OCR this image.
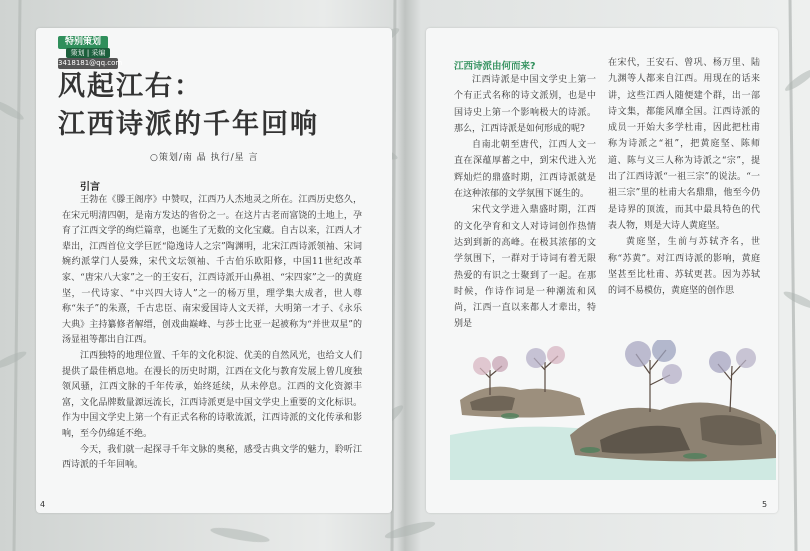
特别策划
策划 | 采编
3418181@qq.com
风起江右：
江西诗派的千年回响
○策划/南 晶 执行/星 言
引言

王勃在《滕王阁序》中赞叹，江西乃人杰地灵之所在。江西历史悠久，在宋元明清四朝，是南方发达的省份之一。在这片古老而富饶的土地上，孕育了江西文学的绚烂篇章，也诞生了无数的文化宝藏。自古以来，江西人才辈出，江西首位文学巨匠“隐逸诗人之宗”陶渊明，北宋江西诗派领袖、宋词婉约派掌门人晏殊，宋代文坛领袖、千古伯乐欧阳修，中国11世纪改革家、“唐宋八大家”之一的王安石，江西诗派开山鼻祖、“宋四家”之一的黄庭坚，一代诗家、“中兴四大诗人”之一的杨万里，理学集大成者，世人尊称“朱子”的朱熹，千古忠臣、南宋爱国诗人文天祥，大明第一才子、《永乐大典》主持纂修者解缙，创戏曲巅峰、与莎士比亚一起被称为“并世双星”的汤显祖等都出自江西。

江西独特的地理位置、千年的文化积淀、优美的自然风光，也给文人们提供了最佳栖息地。在漫长的历史时期，江西在文化与教育发展上曾几度独领风骚，江西文脉的千年传承，始终延续，从未停息。江西的文化资源丰富，文化品牌数量源远流长，江西诗派更是中国文学史上重要的文化标识。作为中国文学史上第一个有正式名称的诗歌流派，江西诗派的文化传承和影响，至今仍绵延不绝。

今天，我们就一起探寻千年文脉的奥秘，感受古典文学的魅力，聆听江西诗派的千年回响。

4
江西诗派由何而来?

江西诗派是中国文学史上第一个有正式名称的诗文派别，也是中国诗史上第一个影响极大的诗派。那么，江西诗派是如何形成的呢?

自南北朝至唐代，江西人文一直在深蕴厚蓄之中，到宋代进入光辉灿烂的鼎盛时期，江西诗派就是在这种浓郁的文学氛围下诞生的。

宋代文学进入鼎盛时期，江西的文化孕育和文人对诗词创作热情达到到新的高峰。在极其浓郁的文学氛围下，一群对于诗词有着无限热爱的有识之士聚到了一起。在那时候，作诗作词是一种潮流和风尚，江西一直以来都人才辈出，特别是

在宋代，王安石、曾巩、杨万里、陆九渊等人都来自江西。用现在的话来讲，这些江西人随便建个群，出一部诗文集，都能风靡全国。江西诗派的成员一开始大多学杜甫，因此把杜甫称为诗派之“祖”，把黄庭坚、陈师道、陈与义三人称为诗派之“宗”，提出了江西诗派“一祖三宗”的说法。“一祖三宗”里的杜甫大名鼎鼎，他至今仍是诗界的顶流，而其中最具特色的代表人物，则是大诗人黄庭坚。

黄庭坚，生前与苏轼齐名，世称“苏黄”。对江西诗派的影响，黄庭坚甚至比杜甫、苏轼更甚。因为苏轼的词不易模仿，黄庭坚的创作思

5
